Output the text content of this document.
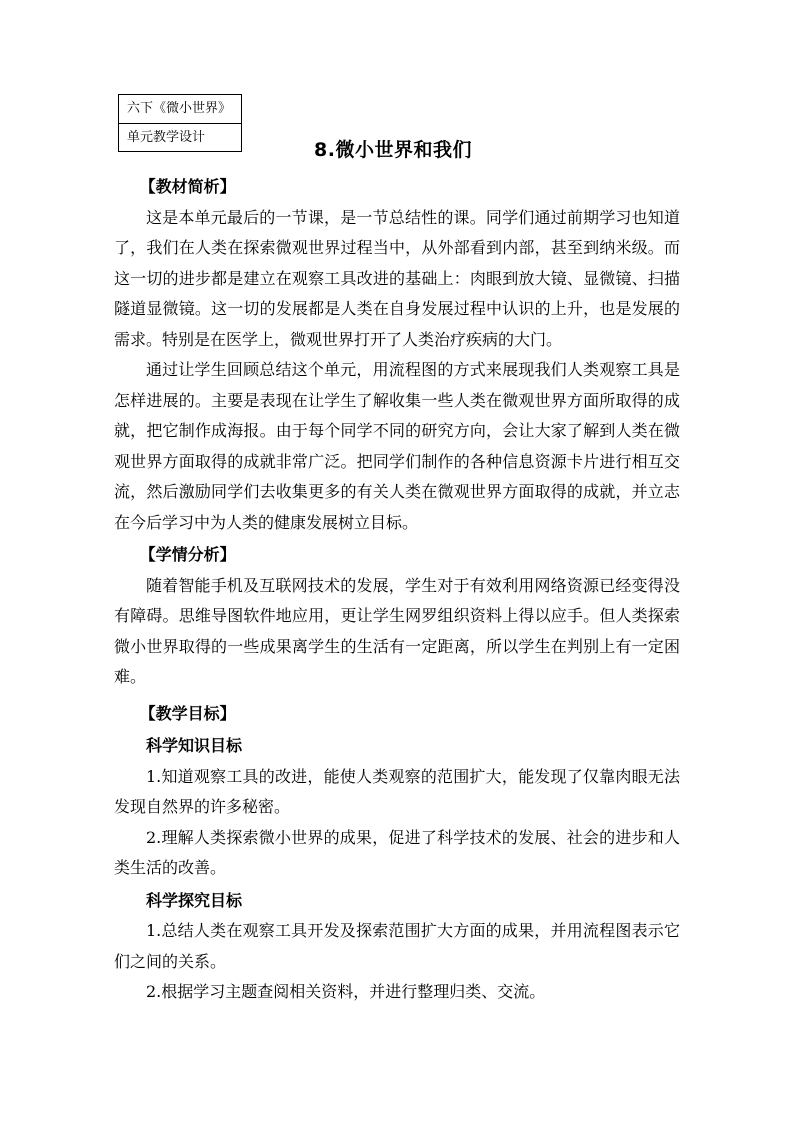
六下《微小世界》
单元教学设计
8.微小世界和我们
【教材简析】

这是本单元最后的一节课，是一节总结性的课。同学们通过前期学习也知道了，我们在人类在探索微观世界过程当中，从外部看到内部，甚至到纳米级。而这一切的进步都是建立在观察工具改进的基础上：肉眼到放大镜、显微镜、扫描隧道显微镜。这一切的发展都是人类在自身发展过程中认识的上升，也是发展的需求。特别是在医学上，微观世界打开了人类治疗疾病的大门。

通过让学生回顾总结这个单元，用流程图的方式来展现我们人类观察工具是怎样进展的。主要是表现在让学生了解收集一些人类在微观世界方面所取得的成就，把它制作成海报。由于每个同学不同的研究方向，会让大家了解到人类在微观世界方面取得的成就非常广泛。把同学们制作的各种信息资源卡片进行相互交流，然后激励同学们去收集更多的有关人类在微观世界方面取得的成就，并立志在今后学习中为人类的健康发展树立目标。

【学情分析】

随着智能手机及互联网技术的发展，学生对于有效利用网络资源已经变得没有障碍。思维导图软件地应用，更让学生网罗组织资料上得以应手。但人类探索微小世界取得的一些成果离学生的生活有一定距离，所以学生在判别上有一定困难。

【教学目标】
科学知识目标

1.知道观察工具的改进，能使人类观察的范围扩大，能发现了仅靠肉眼无法发现自然界的许多秘密。

2.理解人类探索微小世界的成果，促进了科学技术的发展、社会的进步和人类生活的改善。

科学探究目标

1.总结人类在观察工具开发及探索范围扩大方面的成果，并用流程图表示它们之间的关系。

2.根据学习主题查阅相关资料，并进行整理归类、交流。
